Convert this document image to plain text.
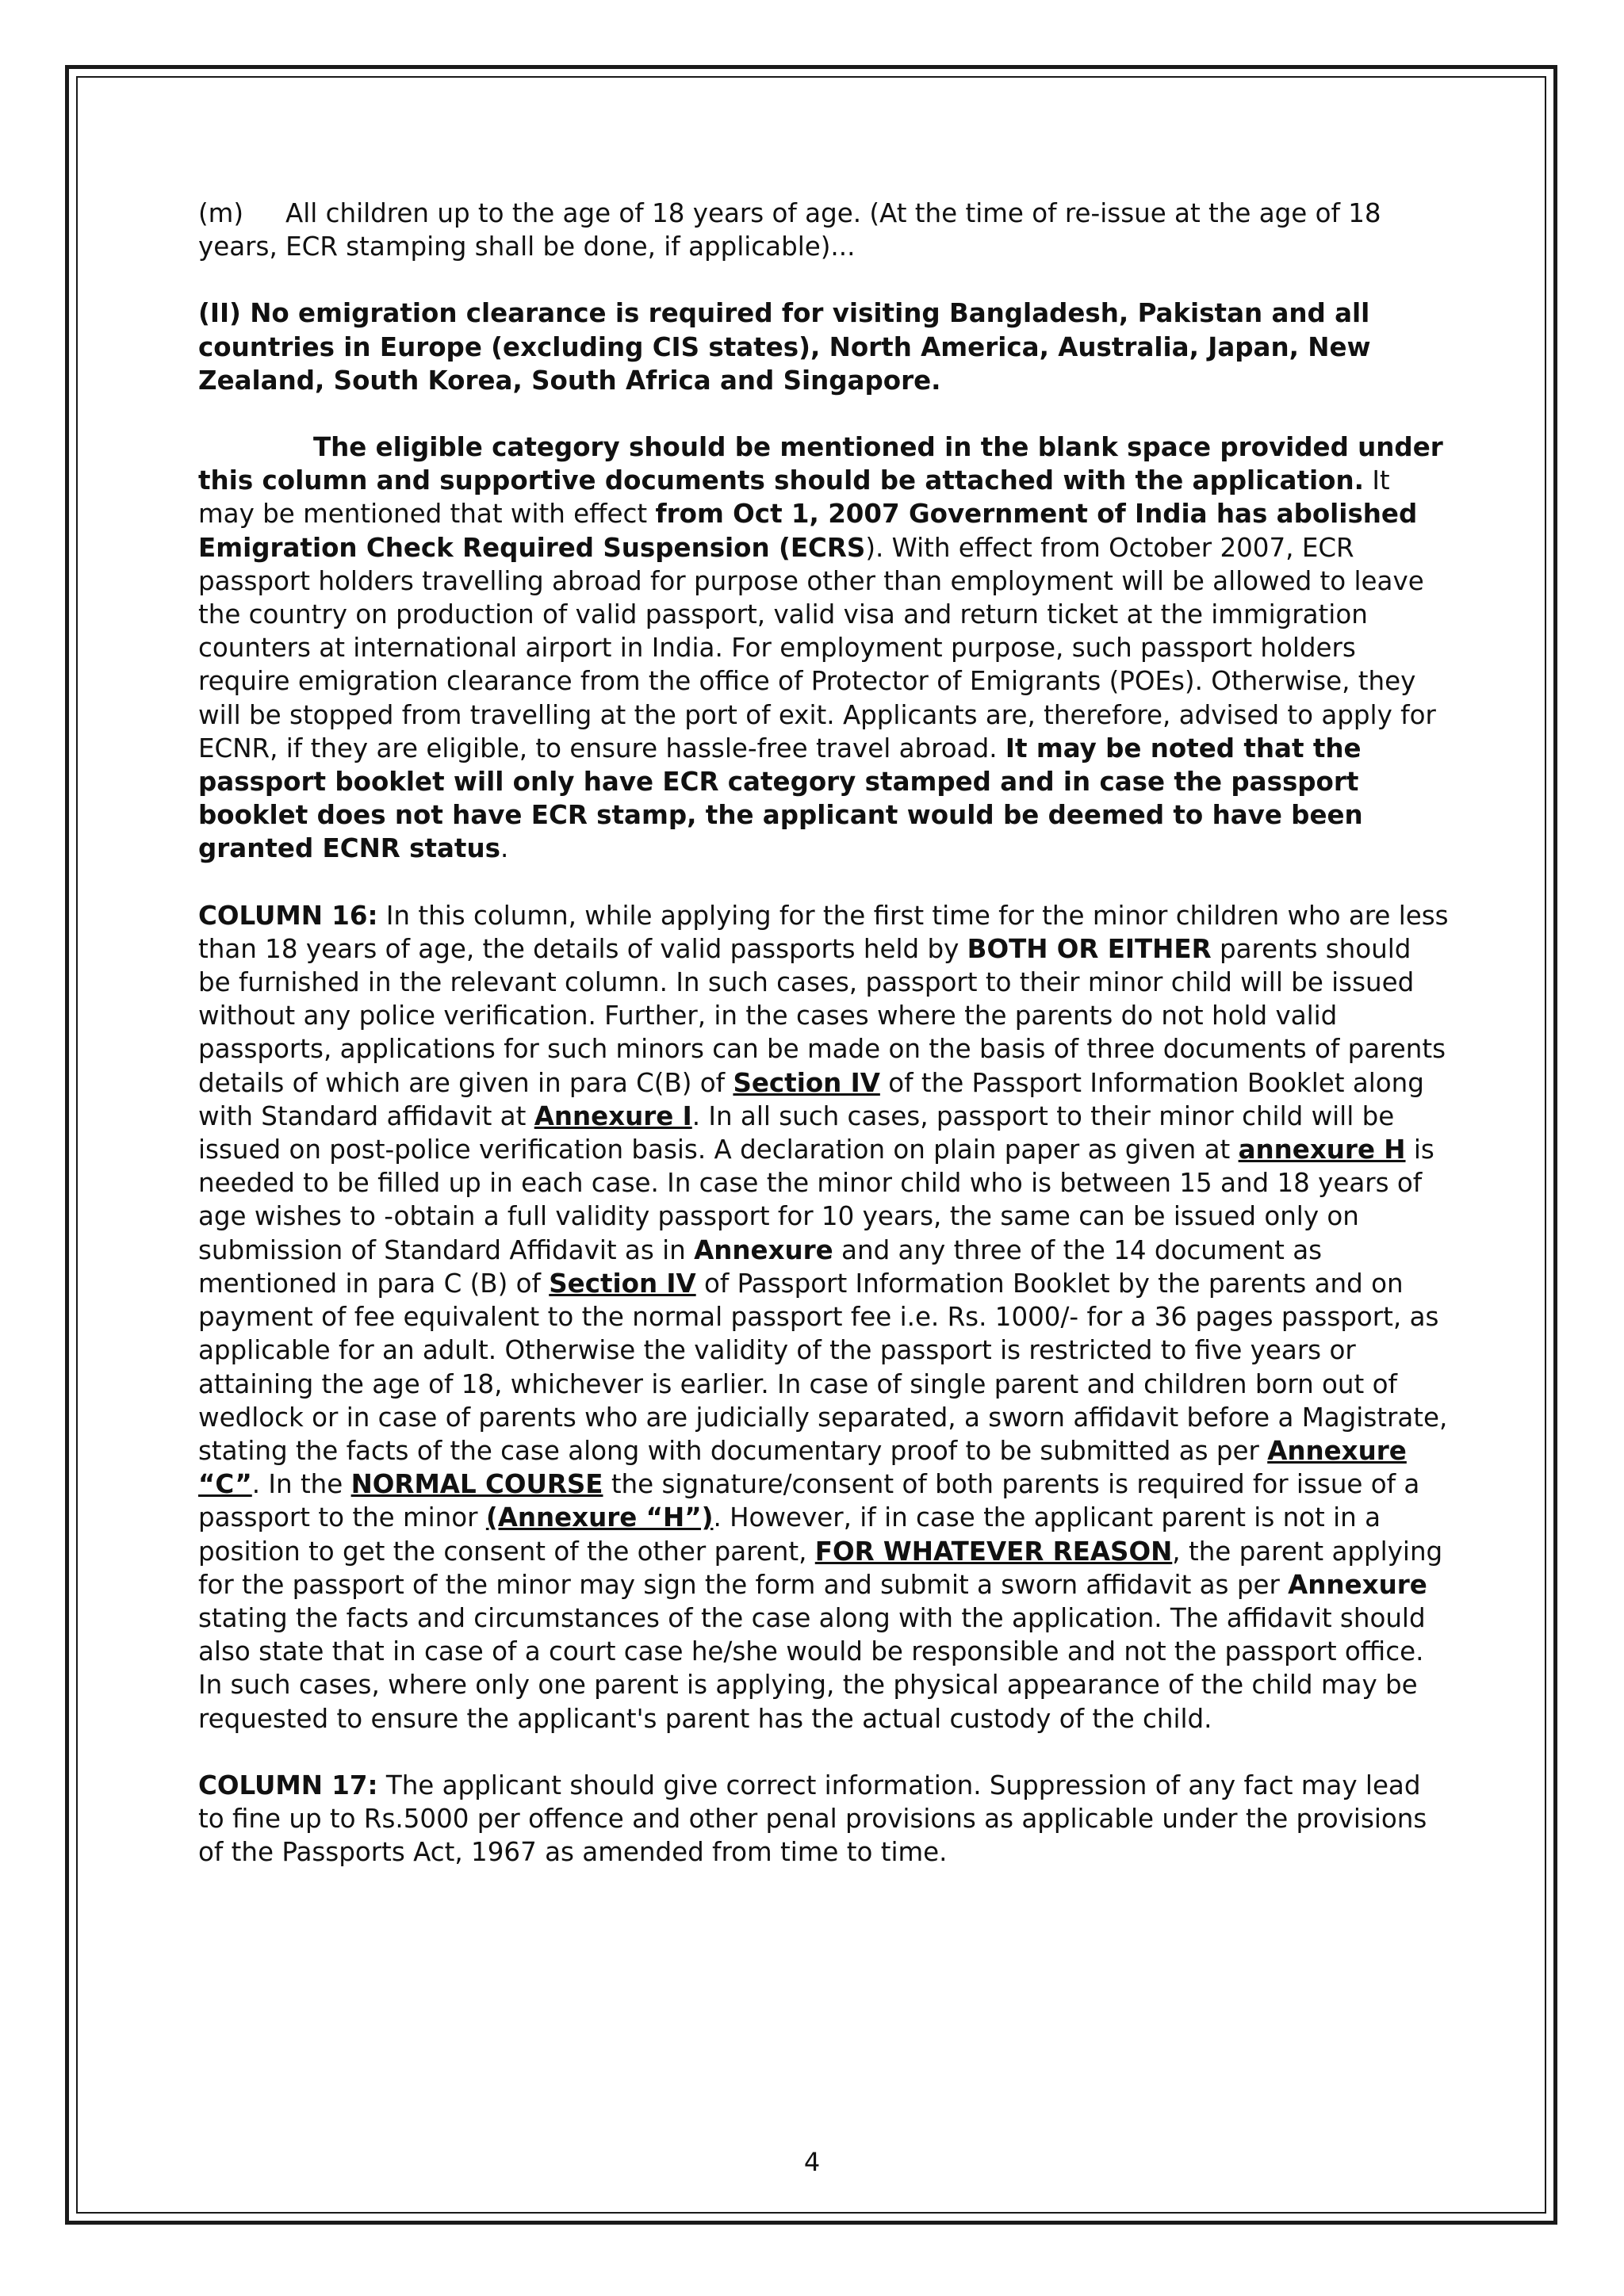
(m) All children up to the age of 18 years of age. (At the time of re-issue at the age of 18 years, ECR stamping shall be done, if applicable)...

(II) No emigration clearance is required for visiting Bangladesh, Pakistan and all countries in Europe (excluding CIS states), North America, Australia, Japan, New Zealand, South Korea, South Africa and Singapore.

The eligible category should be mentioned in the blank space provided under this column and supportive documents should be attached with the application. It may be mentioned that with effect from Oct 1, 2007 Government of India has abolished Emigration Check Required Suspension (ECRS). With effect from October 2007, ECR passport holders travelling abroad for purpose other than employment will be allowed to leave the country on production of valid passport, valid visa and return ticket at the immigration counters at international airport in India. For employment purpose, such passport holders require emigration clearance from the office of Protector of Emigrants (POEs). Otherwise, they will be stopped from travelling at the port of exit. Applicants are, therefore, advised to apply for ECNR, if they are eligible, to ensure hassle-free travel abroad. It may be noted that the passport booklet will only have ECR category stamped and in case the passport booklet does not have ECR stamp, the applicant would be deemed to have been granted ECNR status.

COLUMN 16: In this column, while applying for the first time for the minor children who are less than 18 years of age, the details of valid passports held by BOTH OR EITHER parents should be furnished in the relevant column. In such cases, passport to their minor child will be issued without any police verification. Further, in the cases where the parents do not hold valid passports, applications for such minors can be made on the basis of three documents of parents details of which are given in para C(B) of Section IV of the Passport Information Booklet along with Standard affidavit at Annexure I. In all such cases, passport to their minor child will be issued on post-police verification basis. A declaration on plain paper as given at annexure H is needed to be filled up in each case. In case the minor child who is between 15 and 18 years of age wishes to -obtain a full validity passport for 10 years, the same can be issued only on submission of Standard Affidavit as in Annexure and any three of the 14 document as mentioned in para C (B) of Section IV of Passport Information Booklet by the parents and on payment of fee equivalent to the normal passport fee i.e. Rs. 1000/- for a 36 pages passport, as applicable for an adult. Otherwise the validity of the passport is restricted to five years or attaining the age of 18, whichever is earlier. In case of single parent and children born out of wedlock or in case of parents who are judicially separated, a sworn affidavit before a Magistrate, stating the facts of the case along with documentary proof to be submitted as per Annexure “C”. In the NORMAL COURSE the signature/consent of both parents is required for issue of a passport to the minor (Annexure “H”). However, if in case the applicant parent is not in a position to get the consent of the other parent, FOR WHATEVER REASON, the parent applying for the passport of the minor may sign the form and submit a sworn affidavit as per Annexure stating the facts and circumstances of the case along with the application. The affidavit should also state that in case of a court case he/she would be responsible and not the passport office. In such cases, where only one parent is applying, the physical appearance of the child may be requested to ensure the applicant's parent has the actual custody of the child.

COLUMN 17: The applicant should give correct information. Suppression of any fact may lead to fine up to Rs.5000 per offence and other penal provisions as applicable under the provisions of the Passports Act, 1967 as amended from time to time.

4
